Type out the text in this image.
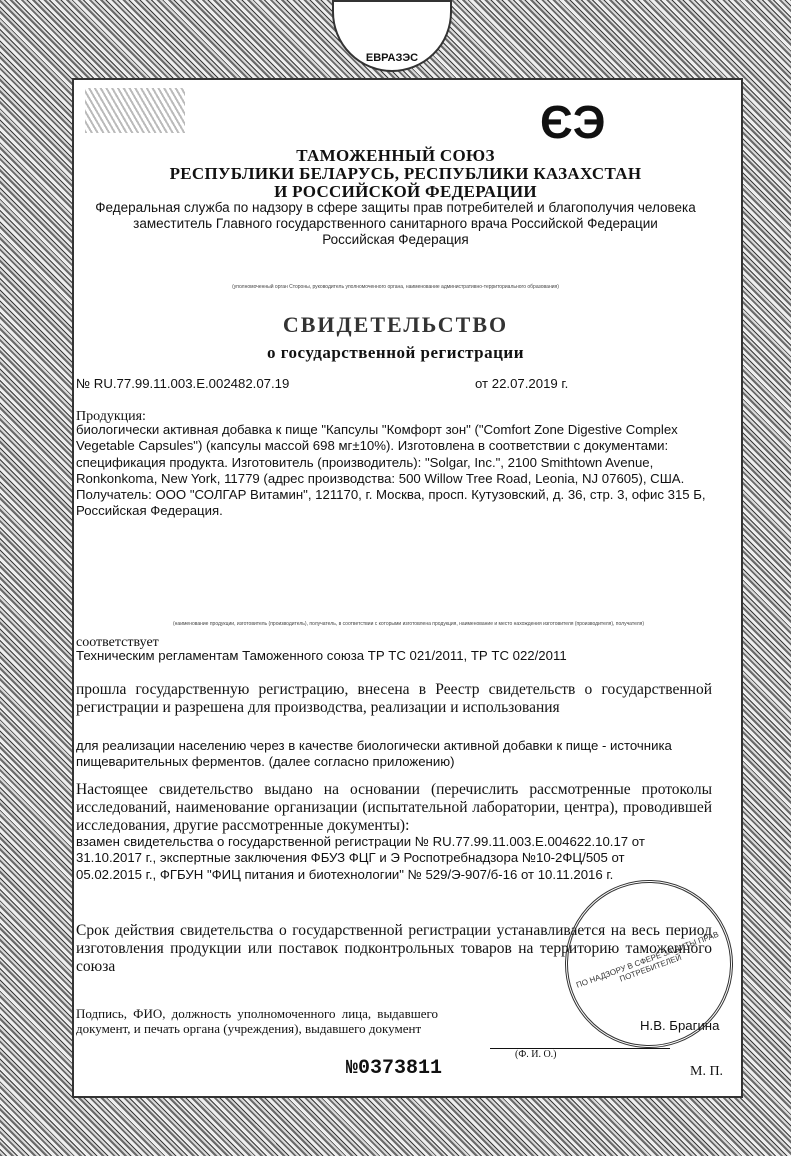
ЕВРАЗЭС
ЄЭ
ТАМОЖЕННЫЙ СОЮЗ
РЕСПУБЛИКИ БЕЛАРУСЬ, РЕСПУБЛИКИ КАЗАХСТАН
И РОССИЙСКОЙ ФЕДЕРАЦИИ
Федеральная служба по надзору в сфере защиты прав потребителей и благополучия человека
заместитель Главного государственного санитарного врача Российской Федерации
Российская Федерация
(уполномоченный орган Стороны, руководитель уполномоченного органа, наименование административно-территориального образования)
СВИДЕТЕЛЬСТВО
о государственной регистрации
№ RU.77.99.11.003.E.002482.07.19	от 22.07.2019 г.
Продукция:
биологически активная добавка к пище "Капсулы "Комфорт зон" ("Comfort Zone Digestive Complex Vegetable Capsules") (капсулы массой 698 мг±10%). Изготовлена в соответствии с документами: спецификация продукта. Изготовитель (производитель): "Solgar, Inc.", 2100 Smithtown Avenue, Ronkonkoma, New York, 11779 (адрес производства: 500 Willow Tree Road, Leonia, NJ 07605), США. Получатель: ООО "СОЛГАР Витамин", 121170, г. Москва, просп. Кутузовский, д. 36, стр. 3, офис 315 Б, Российская Федерация.
(наименование продукции, изготовитель (производитель), получатель, в соответствии с которыми изготовлена продукция, наименование и место нахождения изготовителя (производителя), получателя)
соответствует
Техническим регламентам Таможенного союза ТР ТС 021/2011, ТР ТС 022/2011
прошла государственную регистрацию, внесена в Реестр свидетельств о государственной регистрации и разрешена для производства, реализации и использования
для реализации населению через в качестве биологически активной добавки к пище - источника пищеварительных ферментов. (далее согласно приложению)
Настоящее свидетельство выдано на основании (перечислить рассмотренные протоколы исследований, наименование организации (испытательной лаборатории, центра), проводившей исследования, другие рассмотренные документы):
взамен свидетельства о государственной регистрации № RU.77.99.11.003.E.004622.10.17 от 31.10.2017 г., экспертные заключения ФБУЗ ФЦГ и Э Роспотребнадзора №10-2ФЦ/505 от 05.02.2015 г., ФГБУН "ФИЦ питания и биотехнологии" № 529/Э-907/б-16 от 10.11.2016 г.
Срок действия свидетельства о государственной регистрации устанавливается на весь период изготовления продукции или поставок подконтрольных товаров на территорию таможенного союза
Подпись, ФИО, должность уполномоченного лица, выдавшего документ, и печать органа (учреждения), выдавшего документ
(Ф. И. О.)
Н.В. Брагина
М. П.
№0373811
ПО НАДЗОРУ В СФЕРЕ ЗАЩИТЫ ПРАВ ПОТРЕБИТЕЛЕЙ
